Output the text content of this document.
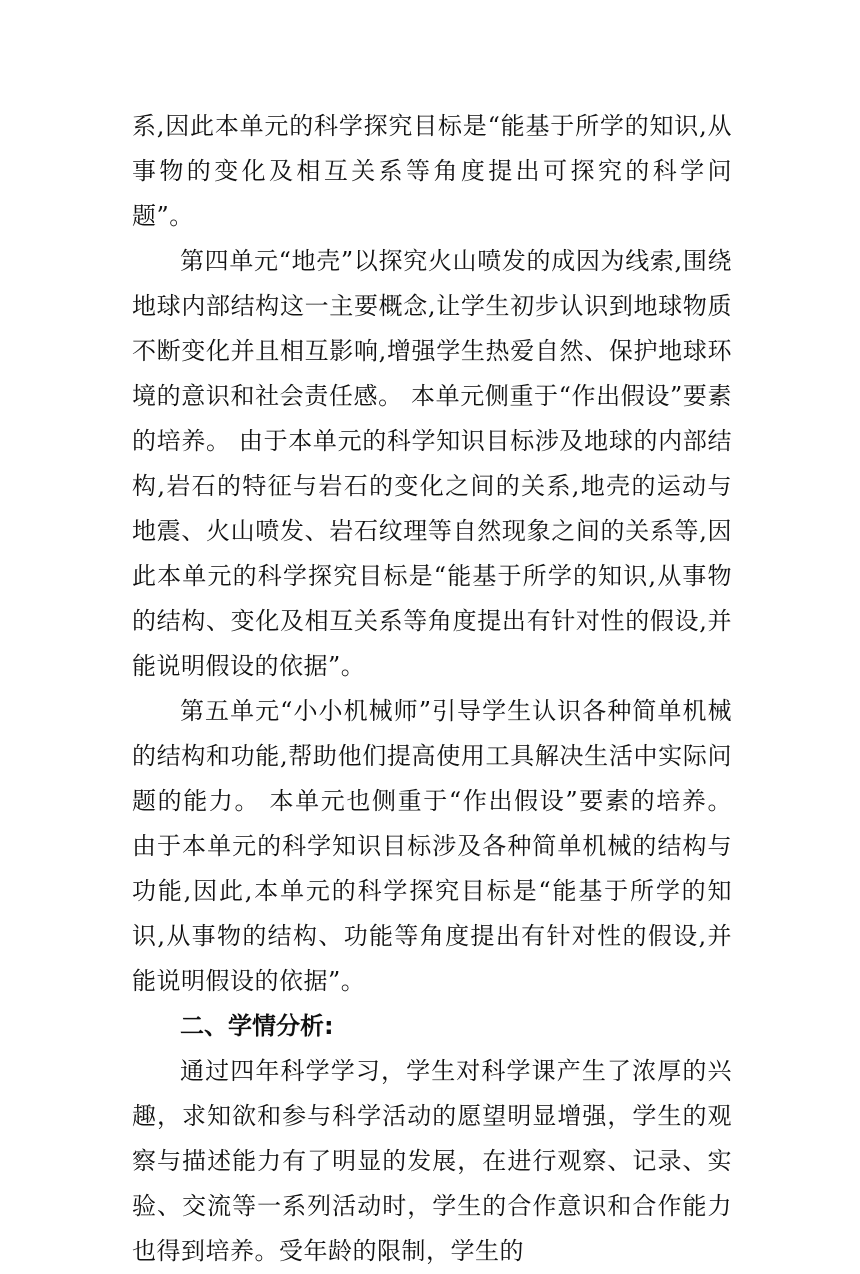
系,因此本单元的科学探究目标是“能基于所学的知识,从事物的变化及相互关系等角度提出可探究的科学问题”。

第四单元“地壳”以探究火山喷发的成因为线索,围绕地球内部结构这一主要概念,让学生初步认识到地球物质不断变化并且相互影响,增强学生热爱自然、保护地球环境的意识和社会责任感。 本单元侧重于“作出假设”要素的培养。 由于本单元的科学知识目标涉及地球的内部结构,岩石的特征与岩石的变化之间的关系,地壳的运动与地震、火山喷发、岩石纹理等自然现象之间的关系等,因此本单元的科学探究目标是“能基于所学的知识,从事物的结构、变化及相互关系等角度提出有针对性的假设,并能说明假设的依据”。

第五单元“小小机械师”引导学生认识各种简单机械的结构和功能,帮助他们提高使用工具解决生活中实际问题的能力。 本单元也侧重于“作出假设”要素的培养。 由于本单元的科学知识目标涉及各种简单机械的结构与功能,因此,本单元的科学探究目标是“能基于所学的知识,从事物的结构、功能等角度提出有针对性的假设,并能说明假设的依据”。

二、学情分析:

通过四年科学学习，学生对科学课产生了浓厚的兴趣，求知欲和参与科学活动的愿望明显增强，学生的观察与描述能力有了明显的发展，在进行观察、记录、实验、交流等一系列活动时，学生的合作意识和合作能力也得到培养。受年龄的限制，学生的
